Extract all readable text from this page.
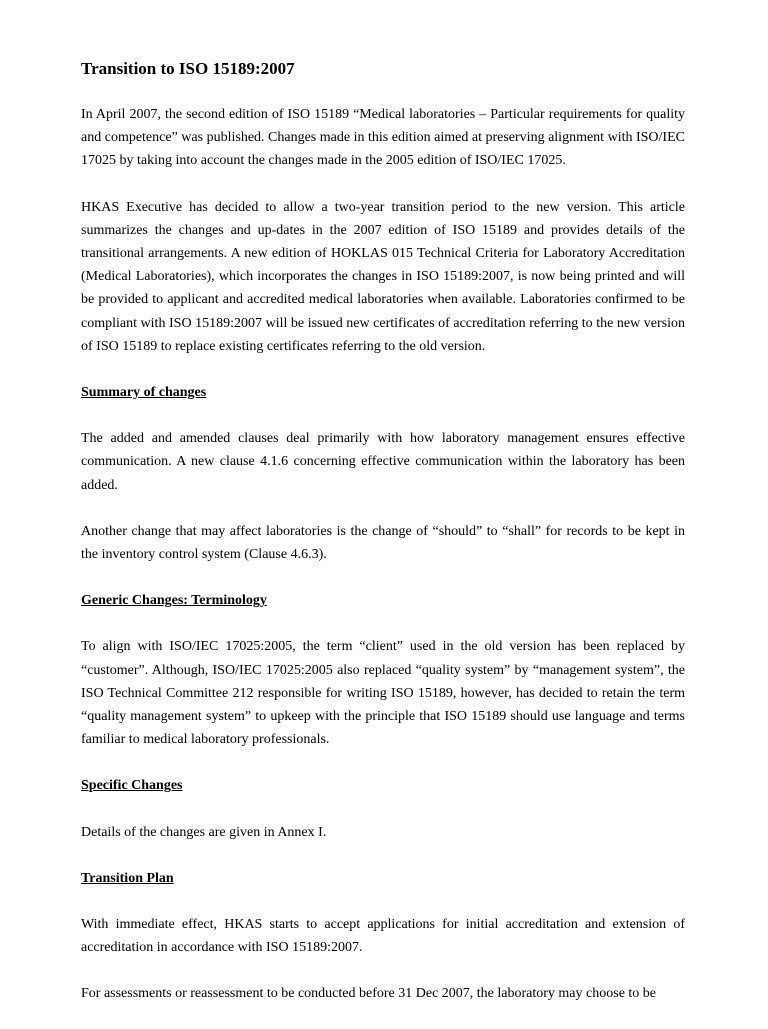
Transition to ISO 15189:2007

In April 2007, the second edition of ISO 15189 “Medical laboratories – Particular requirements for quality and competence” was published. Changes made in this edition aimed at preserving alignment with ISO/IEC 17025 by taking into account the changes made in the 2005 edition of ISO/IEC 17025.

HKAS Executive has decided to allow a two-year transition period to the new version. This article summarizes the changes and up-dates in the 2007 edition of ISO 15189 and provides details of the transitional arrangements. A new edition of HOKLAS 015 Technical Criteria for Laboratory Accreditation (Medical Laboratories), which incorporates the changes in ISO 15189:2007, is now being printed and will be provided to applicant and accredited medical laboratories when available. Laboratories confirmed to be compliant with ISO 15189:2007 will be issued new certificates of accreditation referring to the new version of ISO 15189 to replace existing certificates referring to the old version.

Summary of changes

The added and amended clauses deal primarily with how laboratory management ensures effective communication. A new clause 4.1.6 concerning effective communication within the laboratory has been added.

Another change that may affect laboratories is the change of “should” to “shall” for records to be kept in the inventory control system (Clause 4.6.3).

Generic Changes: Terminology

To align with ISO/IEC 17025:2005, the term “client” used in the old version has been replaced by “customer”. Although, ISO/IEC 17025:2005 also replaced “quality system” by “management system”, the ISO Technical Committee 212 responsible for writing ISO 15189, however, has decided to retain the term “quality management system” to upkeep with the principle that ISO 15189 should use language and terms familiar to medical laboratory professionals.

Specific Changes

Details of the changes are given in Annex I.

Transition Plan

With immediate effect, HKAS starts to accept applications for initial accreditation and extension of accreditation in accordance with ISO 15189:2007.

For assessments or reassessment to be conducted before 31 Dec 2007, the laboratory may choose to be
